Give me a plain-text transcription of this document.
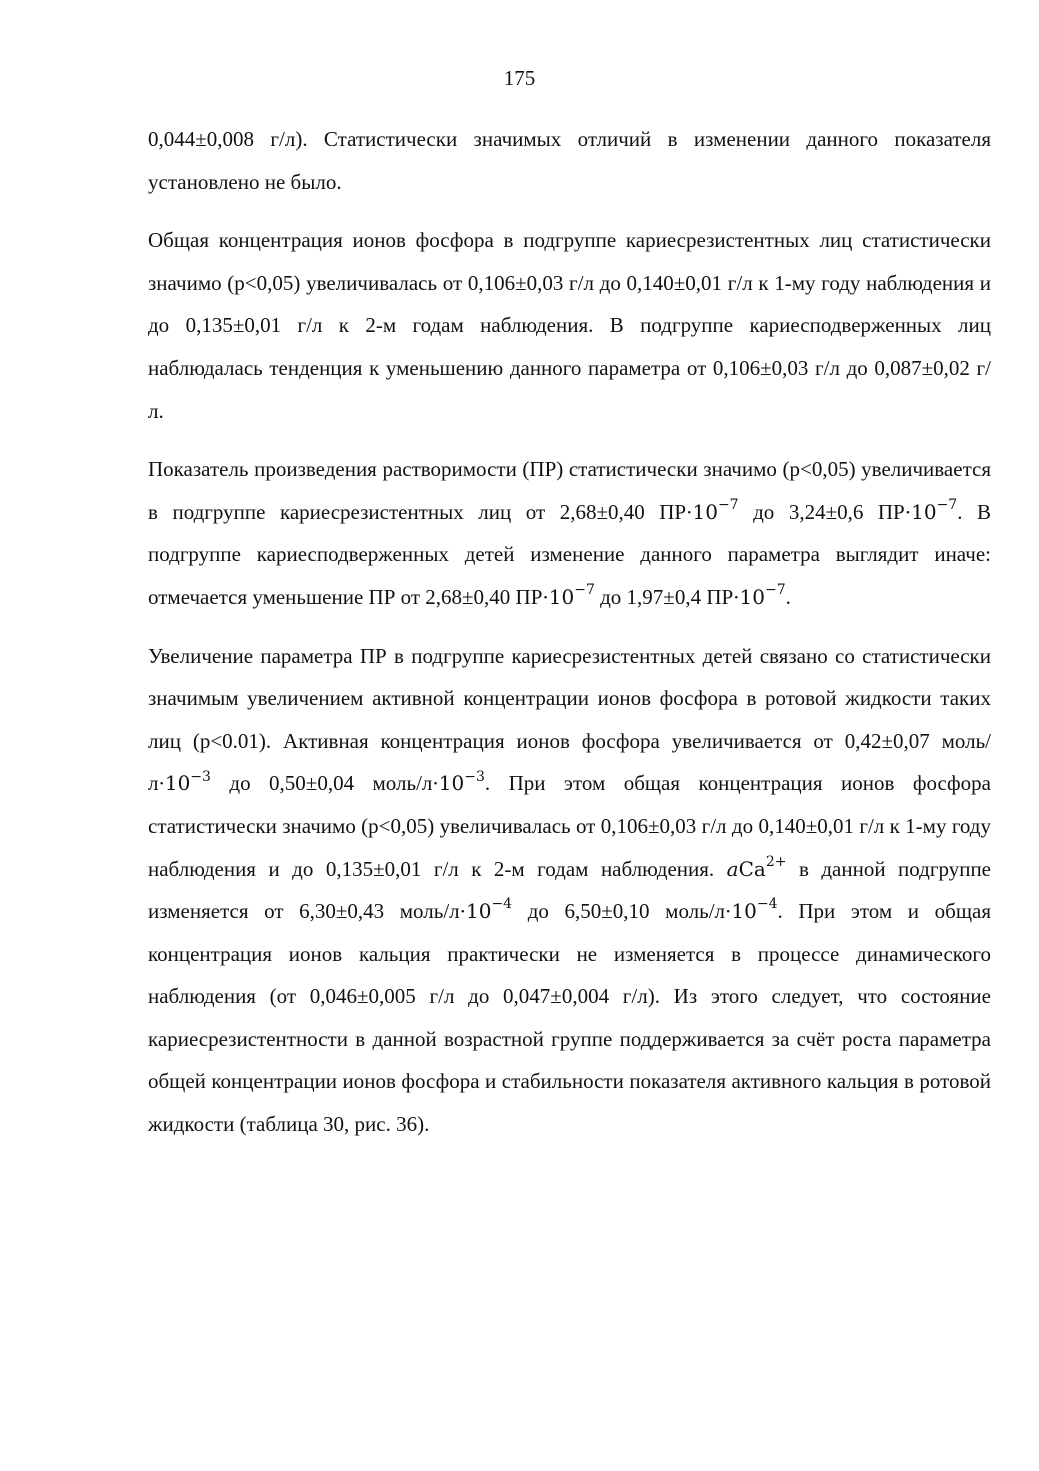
175

0,044±0,008 г/л). Статистически значимых отличий в изменении данного показателя установлено не было.

Общая концентрация ионов фосфора в подгруппе кариесрезистентных лиц статистически значимо (р<0,05) увеличивалась от 0,106±0,03 г/л до 0,140±0,01 г/л к 1-му году наблюдения и до 0,135±0,01 г/л к 2-м годам наблюдения. В подгруппе кариесподверженных лиц наблюдалась тенденция к уменьшению данного параметра от 0,106±0,03 г/л до 0,087±0,02 г/л.

Показатель произведения растворимости (ПР) статистически значимо (р<0,05) увеличивается в подгруппе кариесрезистентных лиц от 2,68±0,40 $ПР\cdot 10^{-7}$ до 3,24±0,6 $ПР\cdot 10^{-7}$. В подгруппе кариесподверженных детей изменение данного параметра выглядит иначе: отмечается уменьшение ПР от 2,68±0,40 $ПР\cdot 10^{-7}$ до 1,97±0,4 $ПР\cdot 10^{-7}$.

Увеличение параметра ПР в подгруппе кариесрезистентных детей связано со статистически значимым увеличением активной концентрации ионов фосфора в ротовой жидкости таких лиц (р<0.01). Активная концентрация ионов фосфора увеличивается от 0,42±0,07 моль/$л\cdot 10^{-3}$ до 0,50±0,04 моль/$л\cdot 10^{-3}$. При этом общая концентрация ионов фосфора статистически значимо (р<0,05) увеличивалась от 0,106±0,03 г/л до 0,140±0,01 г/л к 1-му году наблюдения и до 0,135±0,01 г/л к 2-м годам наблюдения. aCa$^{2+}$ в данной подгруппе изменяется от 6,30±0,43 моль/$л\cdot 10^{-4}$ до 6,50±0,10 моль/$л\cdot 10^{-4}$. При этом и общая концентрация ионов кальция практически не изменяется в процессе динамического наблюдения (от 0,046±0,005 г/л до 0,047±0,004 г/л). Из этого следует, что состояние кариесрезистентности в данной возрастной группе поддерживается за счёт роста параметра общей концентрации ионов фосфора и стабильности показателя активного кальция в ротовой жидкости (таблица 30, рис. 36).
